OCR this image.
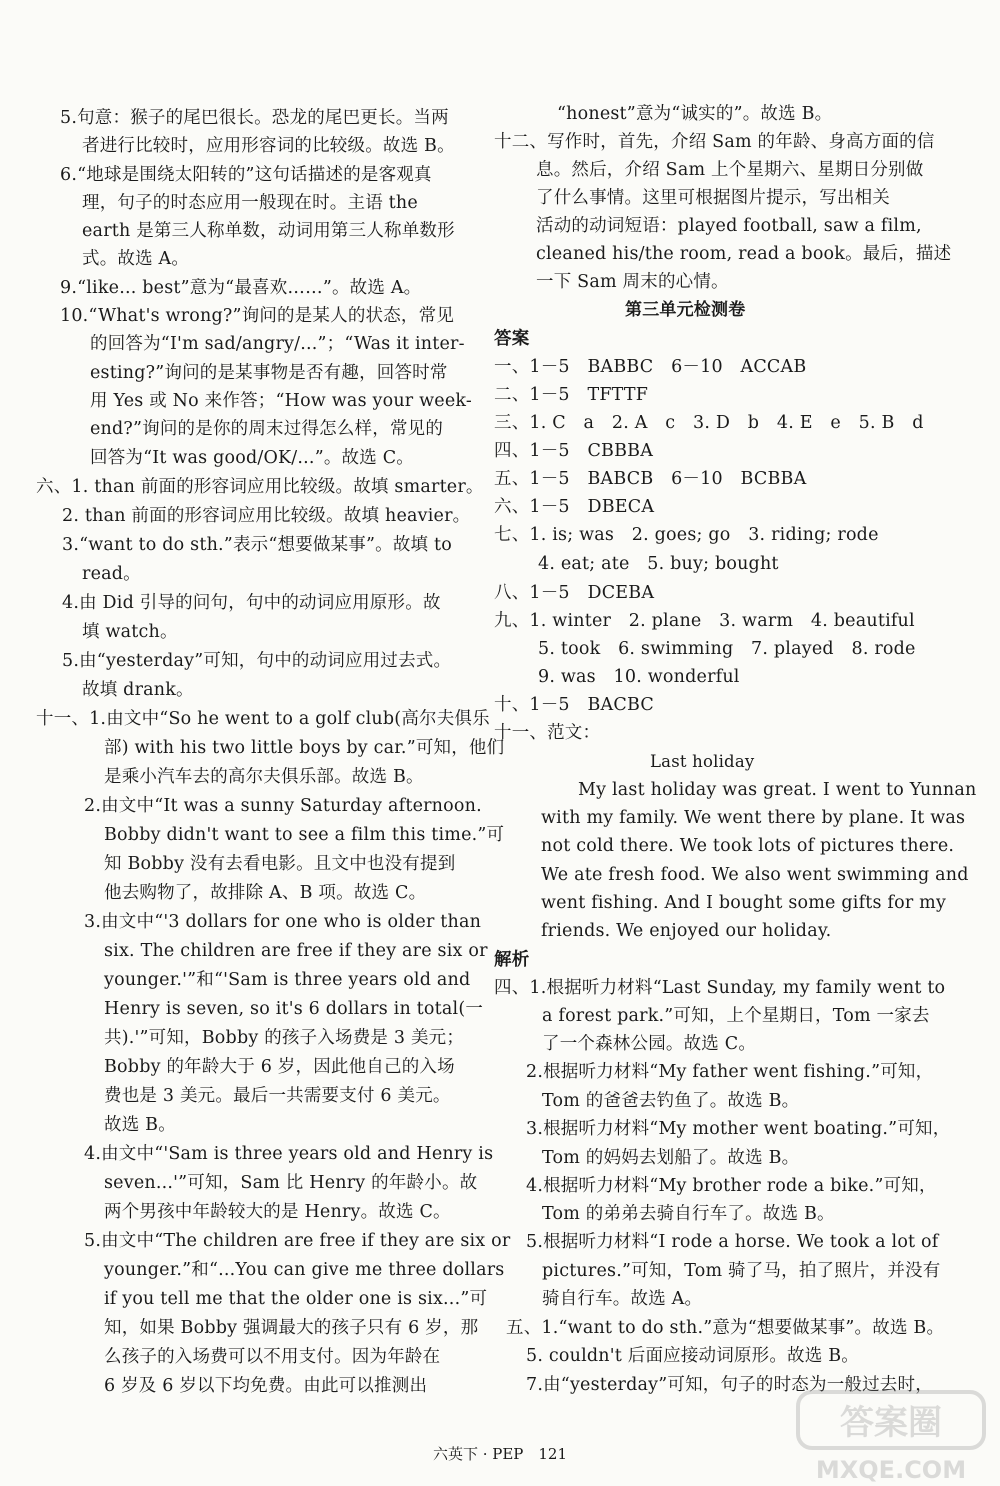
5.句意：猴子的尾巴很长。恐龙的尾巴更长。当两
者进行比较时，应用形容词的比较级。故选 B。
6.“地球是围绕太阳转的”这句话描述的是客观真
理，句子的时态应用一般现在时。主语 the
earth 是第三人称单数，动词用第三人称单数形
式。故选 A。
9.“like... best”意为“最喜欢……”。故选 A。
10.“What's wrong?”询问的是某人的状态，常见
的回答为“I'm sad/angry/...”；“Was it inter-
esting?”询问的是某事物是否有趣，回答时常
用 Yes 或 No 来作答；“How was your week-
end?”询问的是你的周末过得怎么样，常见的
回答为“It was good/OK/...”。故选 C。
六、1. than 前面的形容词应用比较级。故填 smarter。
2. than 前面的形容词应用比较级。故填 heavier。
3.“want to do sth.”表示“想要做某事”。故填 to
read。
4.由 Did 引导的问句，句中的动词应用原形。故
填 watch。
5.由“yesterday”可知，句中的动词应用过去式。
故填 drank。
十一、1.由文中“So he went to a golf club(高尔夫俱乐
部) with his two little boys by car.”可知，他们
是乘小汽车去的高尔夫俱乐部。故选 B。
2.由文中“It was a sunny Saturday afternoon.
Bobby didn't want to see a film this time.”可
知 Bobby 没有去看电影。且文中也没有提到
他去购物了，故排除 A、B 项。故选 C。
3.由文中“'3 dollars for one who is older than
six. The children are free if they are six or
younger.'”和“'Sam is three years old and
Henry is seven, so it's 6 dollars in total(一
共).'”可知，Bobby 的孩子入场费是 3 美元；
Bobby 的年龄大于 6 岁，因此他自己的入场
费也是 3 美元。最后一共需要支付 6 美元。
故选 B。
4.由文中“'Sam is three years old and Henry is
seven...'”可知，Sam 比 Henry 的年龄小。故
两个男孩中年龄较大的是 Henry。故选 C。
5.由文中“The children are free if they are six or
younger.”和“...You can give me three dollars
if you tell me that the older one is six...”可
知，如果 Bobby 强调最大的孩子只有 6 岁，那
么孩子的入场费可以不用支付。因为年龄在
6 岁及 6 岁以下均免费。由此可以推测出
“honest”意为“诚实的”。故选 B。
十二、写作时，首先，介绍 Sam 的年龄、身高方面的信
息。然后，介绍 Sam 上个星期六、星期日分别做
了什么事情。这里可根据图片提示，写出相关
活动的动词短语：played football, saw a film,
cleaned his/the room, read a book。最后，描述
一下 Sam 周末的心情。
第三单元检测卷
答案
一、1－5　BABBC　6－10　ACCAB
二、1－5　TFTTF
三、1. C　a　2. A　c　3. D　b　4. E　e　5. B　d
四、1－5　CBBBA
五、1－5　BABCB　6－10　BCBBA
六、1－5　DBECA
七、1. is; was　2. goes; go　3. riding; rode
4. eat; ate　5. buy; bought
八、1－5　DCEBA
九、1. winter　2. plane　3. warm　4. beautiful
5. took　6. swimming　7. played　8. rode
9. was　10. wonderful
十、1－5　BACBC
十一、范文：
Last holiday
My last holiday was great. I went to Yunnan
with my family. We went there by plane. It was
not cold there. We took lots of pictures there.
We ate fresh food. We also went swimming and
went fishing. And I bought some gifts for my
friends. We enjoyed our holiday.
解析
四、1.根据听力材料“Last Sunday, my family went to
a forest park.”可知，上个星期日，Tom 一家去
了一个森林公园。故选 C。
2.根据听力材料“My father went fishing.”可知，
Tom 的爸爸去钓鱼了。故选 B。
3.根据听力材料“My mother went boating.”可知，
Tom 的妈妈去划船了。故选 B。
4.根据听力材料“My brother rode a bike.”可知，
Tom 的弟弟去骑自行车了。故选 B。
5.根据听力材料“I rode a horse. We took a lot of
pictures.”可知，Tom 骑了马，拍了照片，并没有
骑自行车。故选 A。
五、1.“want to do sth.”意为“想要做某事”。故选 B。
5. couldn't 后面应接动词原形。故选 B。
7.由“yesterday”可知，句子的时态为一般过去时，
六英下 · PEP　121
答案圈
MXQE.COM
